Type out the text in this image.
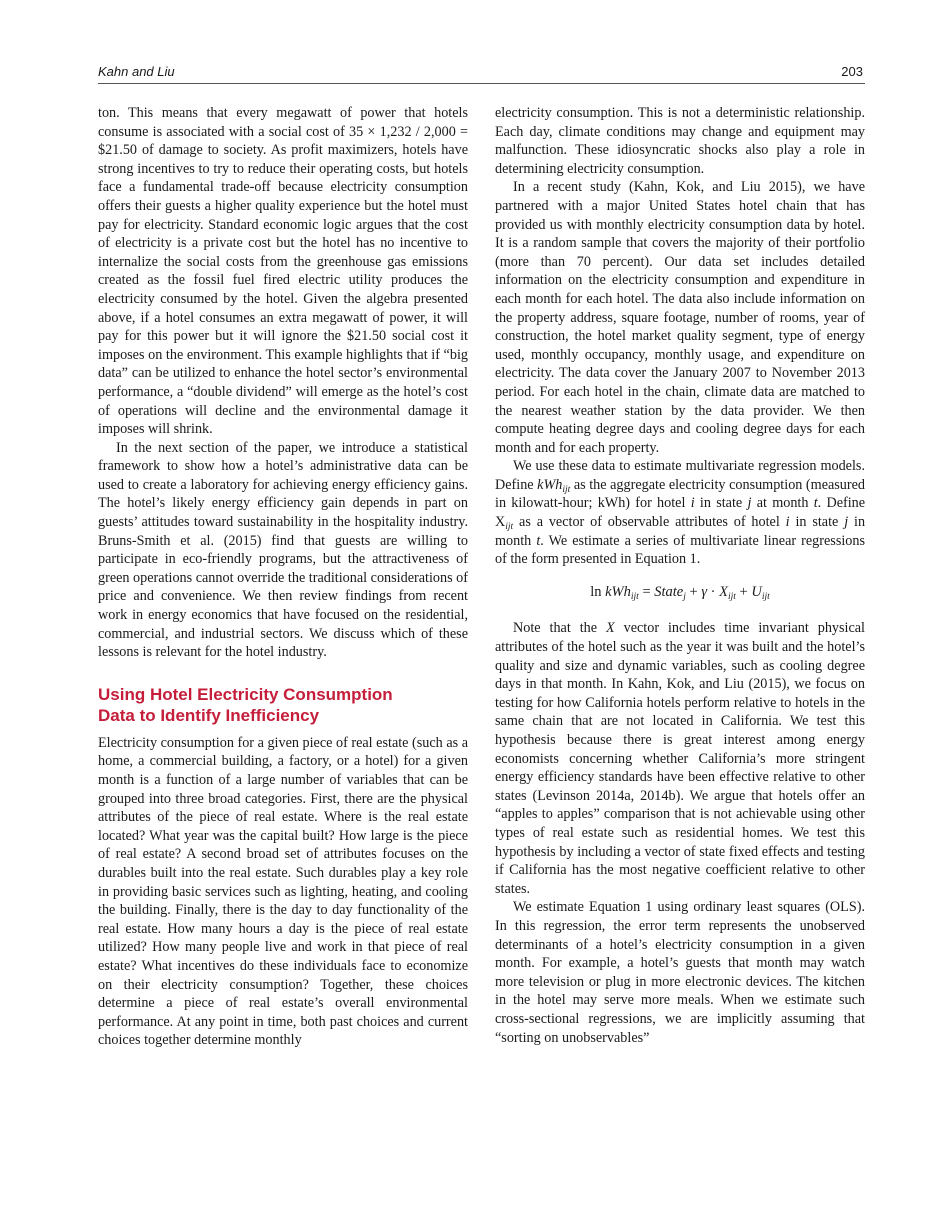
Kahn and Liu	203

ton. This means that every megawatt of power that hotels consume is associated with a social cost of 35 × 1,232 / 2,000 = $21.50 of damage to society. As profit maximizers, hotels have strong incentives to try to reduce their operating costs, but hotels face a fundamental trade-off because electricity consumption offers their guests a higher quality experience but the hotel must pay for electricity. Standard economic logic argues that the cost of electricity is a private cost but the hotel has no incentive to internalize the social costs from the greenhouse gas emissions created as the fossil fuel fired electric utility produces the electricity consumed by the hotel. Given the algebra presented above, if a hotel consumes an extra megawatt of power, it will pay for this power but it will ignore the $21.50 social cost it imposes on the environment. This example highlights that if “big data” can be utilized to enhance the hotel sector’s environmental performance, a “double dividend” will emerge as the hotel’s cost of operations will decline and the environmental damage it imposes will shrink.

In the next section of the paper, we introduce a statistical framework to show how a hotel’s administrative data can be used to create a laboratory for achieving energy efficiency gains. The hotel’s likely energy efficiency gain depends in part on guests’ attitudes toward sustainability in the hospitality industry. Bruns-Smith et al. (2015) find that guests are willing to participate in eco-friendly programs, but the attractiveness of green operations cannot override the traditional considerations of price and convenience. We then review findings from recent work in energy economics that have focused on the residential, commercial, and industrial sectors. We discuss which of these lessons is relevant for the hotel industry.

Using Hotel Electricity Consumption
Data to Identify Inefficiency

Electricity consumption for a given piece of real estate (such as a home, a commercial building, a factory, or a hotel) for a given month is a function of a large number of variables that can be grouped into three broad categories. First, there are the physical attributes of the piece of real estate. Where is the real estate located? What year was the capital built? How large is the piece of real estate? A second broad set of attributes focuses on the durables built into the real estate. Such durables play a key role in providing basic services such as lighting, heating, and cooling the building. Finally, there is the day to day functionality of the real estate. How many hours a day is the piece of real estate utilized? How many people live and work in that piece of real estate? What incentives do these individuals face to economize on their electricity consumption? Together, these choices determine a piece of real estate’s overall environmental performance. At any point in time, both past choices and current choices together determine monthly

electricity consumption. This is not a deterministic relationship. Each day, climate conditions may change and equipment may malfunction. These idiosyncratic shocks also play a role in determining electricity consumption.

In a recent study (Kahn, Kok, and Liu 2015), we have partnered with a major United States hotel chain that has provided us with monthly electricity consumption data by hotel. It is a random sample that covers the majority of their portfolio (more than 70 percent). Our data set includes detailed information on the electricity consumption and expenditure in each month for each hotel. The data also include information on the property address, square footage, number of rooms, year of construction, the hotel market quality segment, type of energy used, monthly occupancy, monthly usage, and expenditure on electricity. The data cover the January 2007 to November 2013 period. For each hotel in the chain, climate data are matched to the nearest weather station by the data provider. We then compute heating degree days and cooling degree days for each month and for each property.

We use these data to estimate multivariate regression models. Define kWh$_{ijt}$ as the aggregate electricity consumption (measured in kilowatt-hour; kWh) for hotel i in state j at month t. Define $X_{ijt}$ as a vector of observable attributes of hotel i in state j in month t. We estimate a series of multivariate linear regressions of the form presented in Equation 1.

ln kWh$_{ijt}$ = State$_j$ + $\gamma \cdot X_{ijt} + U_{ijt}$

Note that the X vector includes time invariant physical attributes of the hotel such as the year it was built and the hotel’s quality and size and dynamic variables, such as cooling degree days in that month. In Kahn, Kok, and Liu (2015), we focus on testing for how California hotels perform relative to hotels in the same chain that are not located in California. We test this hypothesis because there is great interest among energy economists concerning whether California’s more stringent energy efficiency standards have been effective relative to other states (Levinson 2014a, 2014b). We argue that hotels offer an “apples to apples” comparison that is not achievable using other types of real estate such as residential homes. We test this hypothesis by including a vector of state fixed effects and testing if California has the most negative coefficient relative to other states.

We estimate Equation 1 using ordinary least squares (OLS). In this regression, the error term represents the unobserved determinants of a hotel’s electricity consumption in a given month. For example, a hotel’s guests that month may watch more television or plug in more electronic devices. The kitchen in the hotel may serve more meals. When we estimate such cross-sectional regressions, we are implicitly assuming that “sorting on unobservables”
